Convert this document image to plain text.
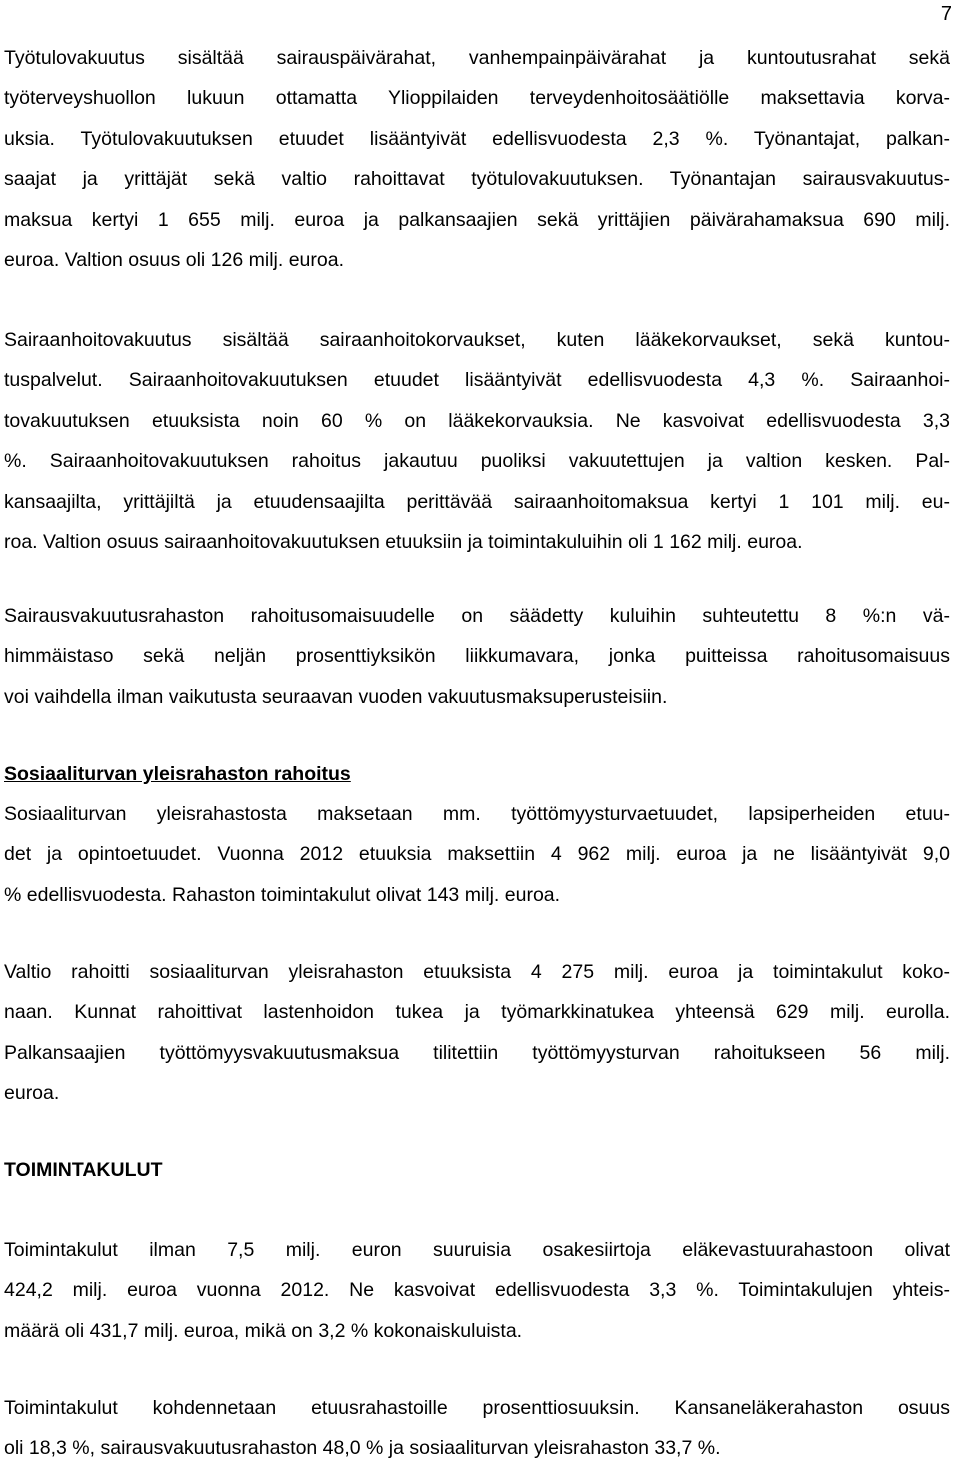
7
Työtulovakuutus sisältää sairauspäivärahat, vanhempainpäivärahat ja kuntoutusrahat sekä
työterveyshuollon lukuun ottamatta Ylioppilaiden terveydenhoitosäätiölle maksettavia korva-
uksia. Työtulovakuutuksen etuudet lisääntyivät edellisvuodesta 2,3 %. Työnantajat, palkan-
saajat ja yrittäjät sekä valtio rahoittavat työtulovakuutuksen. Työnantajan sairausvakuutus-
maksua kertyi 1 655 milj. euroa ja palkansaajien sekä yrittäjien päivärahamaksua 690 milj.
euroa. Valtion osuus oli 126 milj. euroa.
Sairaanhoitovakuutus sisältää sairaanhoitokorvaukset, kuten lääkekorvaukset, sekä kuntou-
tuspalvelut. Sairaanhoitovakuutuksen etuudet lisääntyivät edellisvuodesta 4,3 %. Sairaanhoi-
tovakuutuksen etuuksista noin 60 % on lääkekorvauksia. Ne kasvoivat edellisvuodesta 3,3
%. Sairaanhoitovakuutuksen rahoitus jakautuu puoliksi vakuutettujen ja valtion kesken. Pal-
kansaajilta, yrittäjiltä ja etuudensaajilta perittävää sairaanhoitomaksua kertyi 1 101 milj. eu-
roa. Valtion osuus sairaanhoitovakuutuksen etuuksiin ja toimintakuluihin oli 1 162 milj. euroa.
Sairausvakuutusrahaston rahoitusomaisuudelle on säädetty kuluihin suhteutettu 8 %:n vä-
himmäistaso sekä neljän prosenttiyksikön liikkumavara, jonka puitteissa rahoitusomaisuus
voi vaihdella ilman vaikutusta seuraavan vuoden vakuutusmaksuperusteisiin.
Sosiaaliturvan yleisrahaston rahoitus
Sosiaaliturvan yleisrahastosta maksetaan mm. työttömyysturvaetuudet, lapsiperheiden etuu-
det ja opintoetuudet. Vuonna 2012 etuuksia maksettiin 4 962 milj. euroa ja ne lisääntyivät 9,0
% edellisvuodesta. Rahaston toimintakulut olivat 143 milj. euroa.
Valtio rahoitti sosiaaliturvan yleisrahaston etuuksista 4 275 milj. euroa ja toimintakulut koko-
naan. Kunnat rahoittivat lastenhoidon tukea ja työmarkkinatukea yhteensä 629 milj. eurolla.
Palkansaajien työttömyysvakuutusmaksua tilitettiin työttömyysturvan rahoitukseen 56 milj.
euroa.
TOIMINTAKULUT
Toimintakulut ilman 7,5 milj. euron suuruisia osakesiirtoja eläkevastuurahastoon olivat
424,2 milj. euroa vuonna 2012. Ne kasvoivat edellisvuodesta 3,3 %. Toimintakulujen yhteis-
määrä oli 431,7 milj. euroa, mikä on 3,2 % kokonaiskuluista.
Toimintakulut kohdennetaan etuusrahastoille prosenttiosuuksin. Kansaneläkerahaston osuus
oli 18,3 %, sairausvakuutusrahaston 48,0 % ja sosiaaliturvan yleisrahaston 33,7 %.
